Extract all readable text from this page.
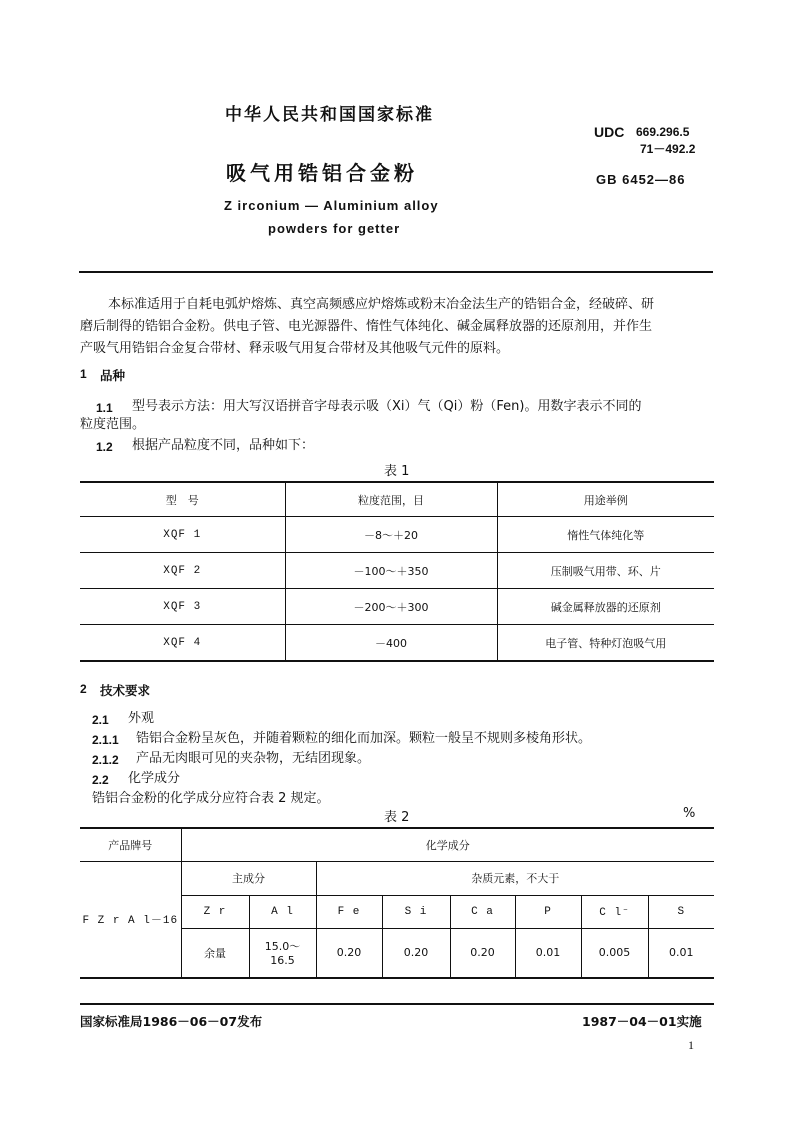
中华人民共和国国家标准
UDC 669.296.5
71－492.2
吸气用锆铝合金粉	GB 6452—86
Z irconium — Aluminium alloy
powders for getter
本标准适用于自耗电弧炉熔炼、真空高频感应炉熔炼或粉末冶金法生产的锆铝合金，经破碎、研
磨后制得的锆铝合金粉。供电子管、电光源器件、惰性气体纯化、碱金属释放器的还原剂用，并作生
产吸气用锆铝合金复合带材、释汞吸气用复合带材及其他吸气元件的原料。
1 品种
1.1 型号表示方法：用大写汉语拼音字母表示吸（Xi）气（Qi）粉（Fen)。用数字表示不同的
粒度范围。
1.2 根据产品粒度不同，品种如下：
表 1
型　号	粒度范围，目	用途举例
XQF 1	－8～＋20	惰性气体纯化等
XQF 2	－100～＋350	压制吸气用带、环、片
XQF 3	－200～＋300	碱金属释放器的还原剂
XQF 4	－400	电子管、特种灯泡吸气用
2 技术要求
2.1 外观
2.1.1 锆铝合金粉呈灰色，并随着颗粒的细化而加深。颗粒一般呈不规则多棱角形状。
2.1.2 产品无肉眼可见的夹杂物，无结团现象。
2.2 化学成分
锆铝合金粉的化学成分应符合表 2 规定。
表 2	%
产品牌号	化学成分							
F Z r A l－16	主成分		杂质元素，不大于					
	Z r	A l	F e	S i	C a	P	C l⁻	S
	余量	15.0～16.5	0.20	0.20	0.20	0.01	0.005	0.01
国家标准局1986－06－07发布	1987－04－01实施
1
